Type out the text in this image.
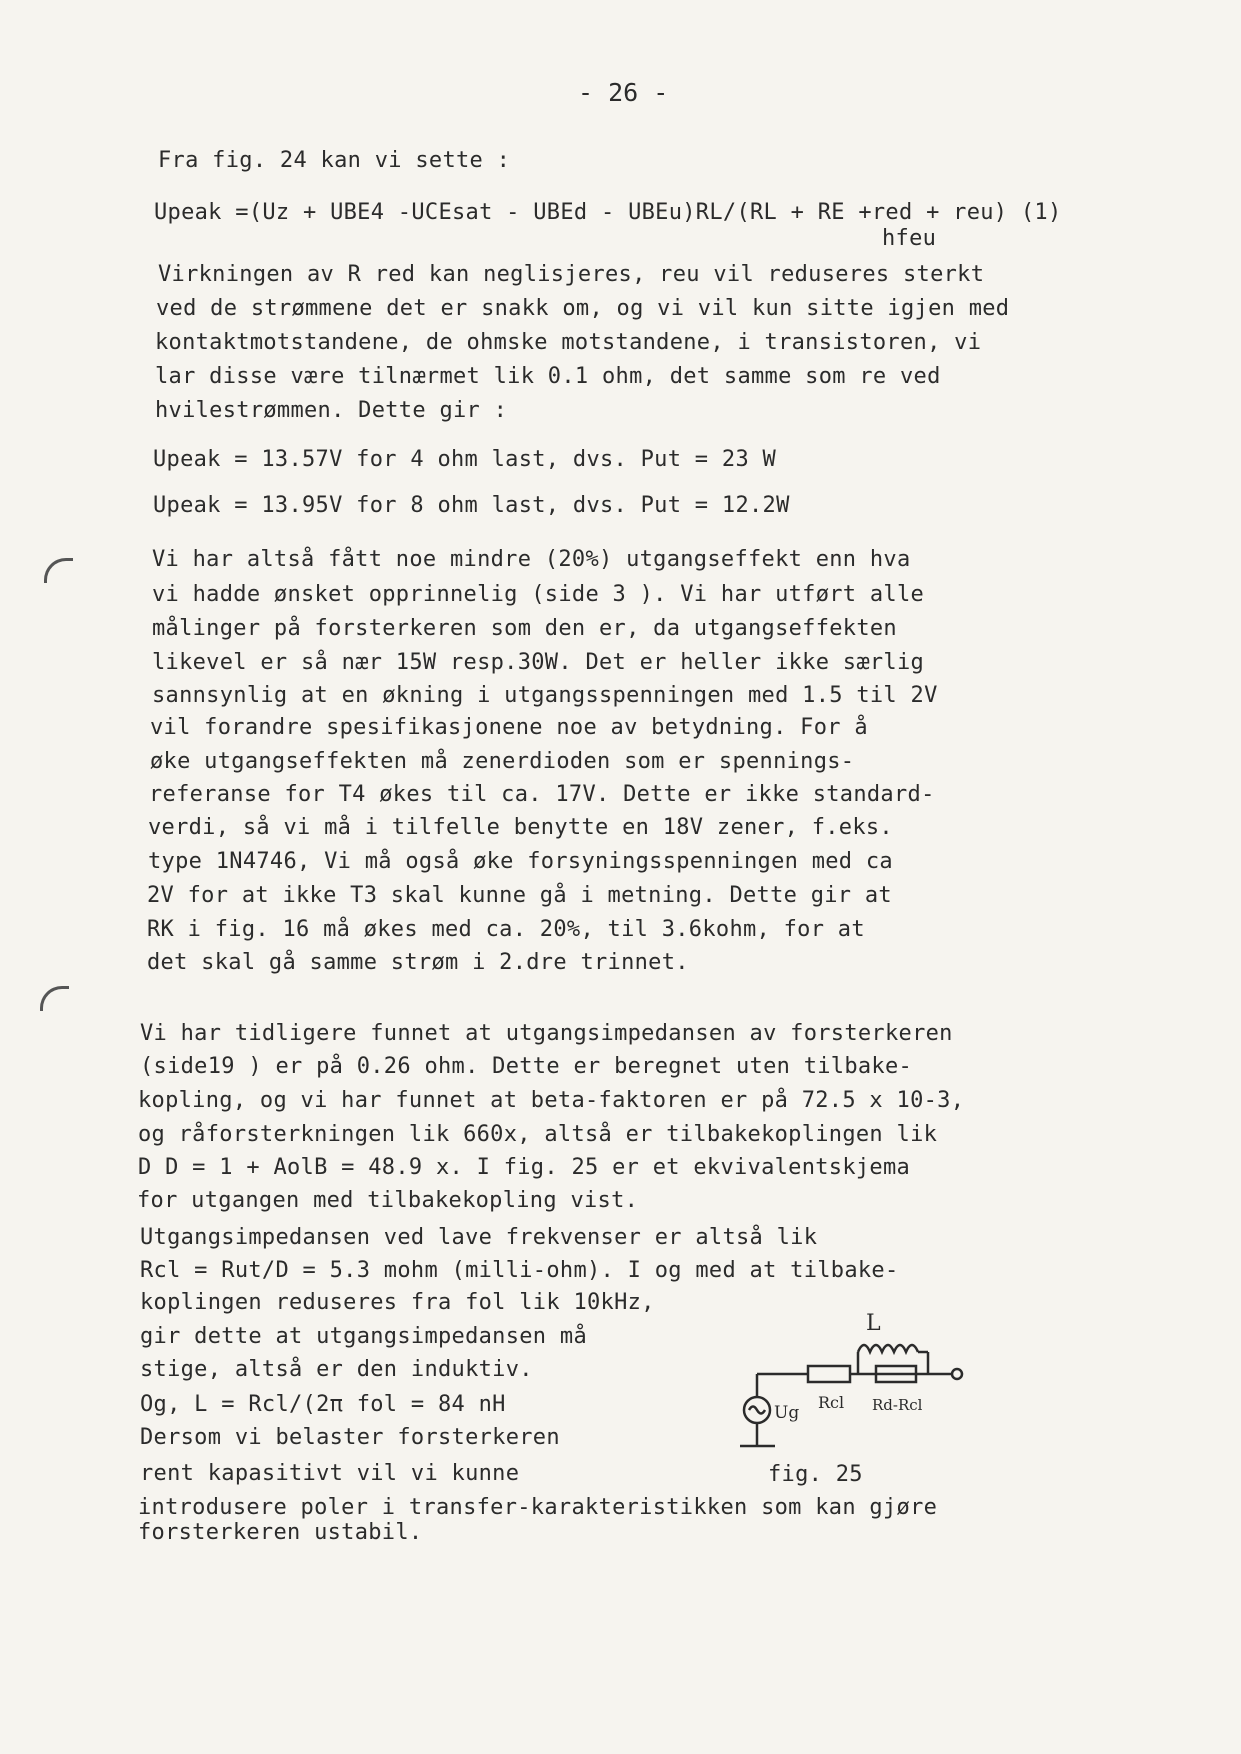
- 26 -
Fra fig. 24 kan vi sette :
Upeak =(Uz + UBE4 -UCEsat - UBEd - UBEu)RL/(RL + RE +red + reu) (1)
hfeu
Virkningen av R red kan neglisjeres, reu vil reduseres sterkt
ved de strømmene det er snakk om, og vi vil kun sitte igjen med
kontaktmotstandene, de ohmske motstandene, i transistoren, vi
lar disse være tilnærmet lik 0.1 ohm, det samme som re ved
hvilestrømmen. Dette gir :
Upeak = 13.57V for 4 ohm last, dvs. Put = 23 W
Upeak = 13.95V for 8 ohm last, dvs. Put = 12.2W
Vi har altså fått noe mindre (20%) utgangseffekt enn hva
vi hadde ønsket opprinnelig (side 3 ). Vi har utført alle
målinger på forsterkeren som den er, da utgangseffekten
likevel er så nær 15W resp.30W. Det er heller ikke særlig
sannsynlig at en økning i utgangsspenningen med 1.5 til 2V
vil forandre spesifikasjonene noe av betydning. For å
øke utgangseffekten må zenerdioden som er spennings-
referanse for T4 økes til ca. 17V. Dette er ikke standard-
verdi, så vi må i tilfelle benytte en 18V zener, f.eks.
type 1N4746, Vi må også øke forsyningsspenningen med ca
2V for at ikke T3 skal kunne gå i metning. Dette gir at
RK i fig. 16 må økes med ca. 20%, til 3.6kohm, for at
det skal gå samme strøm i 2.dre trinnet.
Vi har tidligere funnet at utgangsimpedansen av forsterkeren
(side19 ) er på 0.26 ohm. Dette er beregnet uten tilbake-
kopling, og vi har funnet at beta-faktoren er på 72.5 x 10-3,
og råforsterkningen lik 660x, altså er tilbakekoplingen lik
D D = 1 + AolB = 48.9 x. I fig. 25 er et ekvivalentskjema
for utgangen med tilbakekopling vist.
Utgangsimpedansen ved lave frekvenser er altså lik
Rcl = Rut/D = 5.3 mohm (milli-ohm). I og med at tilbake-
koplingen reduseres fra fol lik 10kHz,
gir dette at utgangsimpedansen må
stige, altså er den induktiv.
Og, L = Rcl/(2π fol = 84 nH
Dersom vi belaster forsterkeren
rent kapasitivt vil vi kunne
introdusere poler i transfer-karakteristikken som kan gjøre
forsterkeren ustabil.
L
Ug
Rcl Rd-Rcl
fig. 25
